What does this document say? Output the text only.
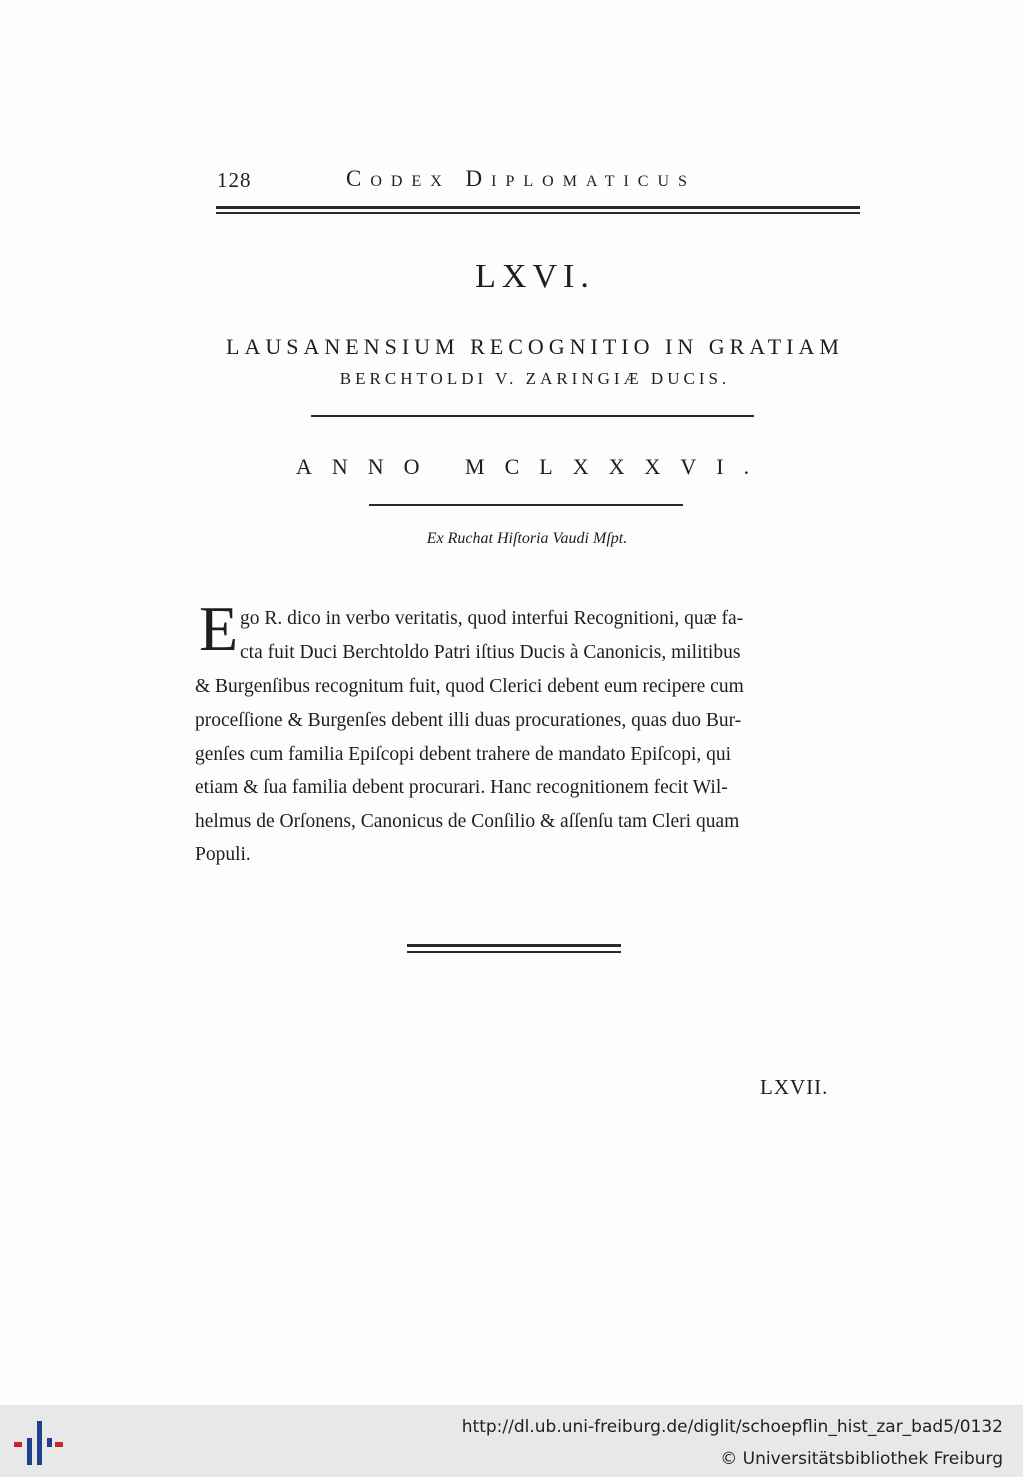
128	Codex Diplomaticus
LXVI.
LAUSANENSIUM RECOGNITIO IN GRATIAM
BERCHTOLDI V. ZARINGIÆ DUCIS.
ANNO MCLXXXVI.
Ex Ruchat Hiſtoria Vaudi Mſpt.
E go R. dico in verbo veritatis, quod interfui Recognitioni, quæ fa-
cta fuit Duci Berchtoldo Patri iſtius Ducis à Canonicis, militibus
& Burgenſibus recognitum fuit, quod Clerici debent eum recipere cum
proceſſione & Burgenſes debent illi duas procurationes, quas duo Bur-
genſes cum familia Epiſcopi debent trahere de mandato Epiſcopi, qui
etiam & ſua familia debent procurari. Hanc recognitionem fecit Wil-
helmus de Orſonens, Canonicus de Conſilio & aſſenſu tam Cleri quam
Populi.
LXVII.
http://dl.ub.uni-freiburg.de/diglit/schoepflin_hist_zar_bad5/0132
© Universitätsbibliothek Freiburg
